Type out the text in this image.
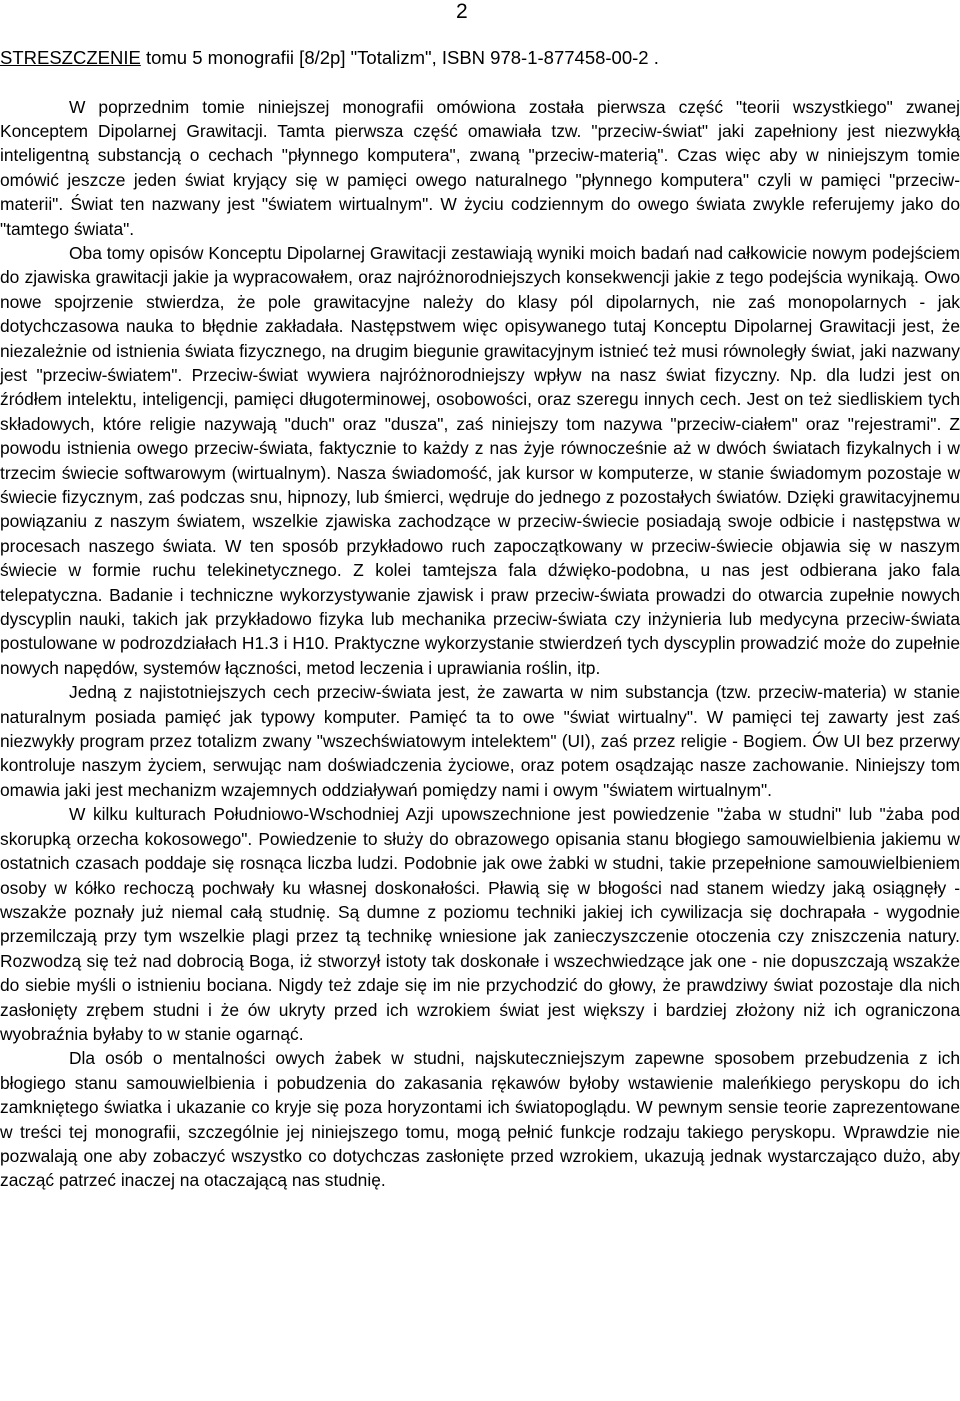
2
STRESZCZENIE tomu 5 monografii [8/2p] "Totalizm", ISBN 978-1-877458-00-2 .

W poprzednim tomie niniejszej monografii omówiona została pierwsza część "teorii wszystkiego" zwanej Konceptem Dipolarnej Grawitacji. Tamta pierwsza część omawiała tzw. "przeciw-świat" jaki zapełniony jest niezwykłą inteligentną substancją o cechach "płynnego komputera", zwaną "przeciw-materią". Czas więc aby w niniejszym tomie omówić jeszcze jeden świat kryjący się w pamięci owego naturalnego "płynnego komputera" czyli w pamięci "przeciw-materii". Świat ten nazwany jest "światem wirtualnym". W życiu codziennym do owego świata zwykle referujemy jako do "tamtego świata".

Oba tomy opisów Konceptu Dipolarnej Grawitacji zestawiają wyniki moich badań nad całkowicie nowym podejściem do zjawiska grawitacji jakie ja wypracowałem, oraz najróżnorodniejszych konsekwencji jakie z tego podejścia wynikają. Owo nowe spojrzenie stwierdza, że pole grawitacyjne należy do klasy pól dipolarnych, nie zaś monopolarnych - jak dotychczasowa nauka to błędnie zakładała. Następstwem więc opisywanego tutaj Konceptu Dipolarnej Grawitacji jest, że niezależnie od istnienia świata fizycznego, na drugim biegunie grawitacyjnym istnieć też musi równoległy świat, jaki nazwany jest "przeciw-światem". Przeciw-świat wywiera najróżnorodniejszy wpływ na nasz świat fizyczny. Np. dla ludzi jest on źródłem intelektu, inteligencji, pamięci długoterminowej, osobowości, oraz szeregu innych cech. Jest on też siedliskiem tych składowych, które religie nazywają "duch" oraz "dusza", zaś niniejszy tom nazywa "przeciw-ciałem" oraz "rejestrami". Z powodu istnienia owego przeciw-świata, faktycznie to każdy z nas żyje równocześnie aż w dwóch światach fizykalnych i w trzecim świecie softwarowym (wirtualnym). Nasza świadomość, jak kursor w komputerze, w stanie świadomym pozostaje w świecie fizycznym, zaś podczas snu, hipnozy, lub śmierci, wędruje do jednego z pozostałych światów. Dzięki grawitacyjnemu powiązaniu z naszym światem, wszelkie zjawiska zachodzące w przeciw-świecie posiadają swoje odbicie i następstwa w procesach naszego świata. W ten sposób przykładowo ruch zapoczątkowany w przeciw-świecie objawia się w naszym świecie w formie ruchu telekinetycznego. Z kolei tamtejsza fala dźwięko-podobna, u nas jest odbierana jako fala telepatyczna. Badanie i techniczne wykorzystywanie zjawisk i praw przeciw-świata prowadzi do otwarcia zupełnie nowych dyscyplin nauki, takich jak przykładowo fizyka lub mechanika przeciw-świata czy inżynieria lub medycyna przeciw-świata postulowane w podrozdziałach H1.3 i H10. Praktyczne wykorzystanie stwierdzeń tych dyscyplin prowadzić może do zupełnie nowych napędów, systemów łączności, metod leczenia i uprawiania roślin, itp.

Jedną z najistotniejszych cech przeciw-świata jest, że zawarta w nim substancja (tzw. przeciw-materia) w stanie naturalnym posiada pamięć jak typowy komputer. Pamięć ta to owe "świat wirtualny". W pamięci tej zawarty jest zaś niezwykły program przez totalizm zwany "wszechświatowym intelektem" (UI), zaś przez religie - Bogiem. Ów UI bez przerwy kontroluje naszym życiem, serwując nam doświadczenia życiowe, oraz potem osądzając nasze zachowanie. Niniejszy tom omawia jaki jest mechanizm wzajemnych oddziaływań pomiędzy nami i owym "światem wirtualnym".

W kilku kulturach Południowo-Wschodniej Azji upowszechnione jest powiedzenie "żaba w studni" lub "żaba pod skorupką orzecha kokosowego". Powiedzenie to służy do obrazowego opisania stanu błogiego samouwielbienia jakiemu w ostatnich czasach poddaje się rosnąca liczba ludzi. Podobnie jak owe żabki w studni, takie przepełnione samouwielbieniem osoby w kółko rechoczą pochwały ku własnej doskonałości. Pławią się w błogości nad stanem wiedzy jaką osiągnęły - wszakże poznały już niemal całą studnię. Są dumne z poziomu techniki jakiej ich cywilizacja się dochrapała - wygodnie przemilczają przy tym wszelkie plagi przez tą technikę wniesione jak zanieczyszczenie otoczenia czy zniszczenia natury. Rozwodzą się też nad dobrocią Boga, iż stworzył istoty tak doskonałe i wszechwiedzące jak one - nie dopuszczają wszakże do siebie myśli o istnieniu bociana. Nigdy też zdaje się im nie przychodzić do głowy, że prawdziwy świat pozostaje dla nich zasłonięty zrębem studni i że ów ukryty przed ich wzrokiem świat jest większy i bardziej złożony niż ich ograniczona wyobraźnia byłaby to w stanie ogarnąć.

Dla osób o mentalności owych żabek w studni, najskuteczniejszym zapewne sposobem przebudzenia z ich błogiego stanu samouwielbienia i pobudzenia do zakasania rękawów byłoby wstawienie maleńkiego peryskopu do ich zamkniętego światka i ukazanie co kryje się poza horyzontami ich światopoglądu. W pewnym sensie teorie zaprezentowane w treści tej monografii, szczególnie jej niniejszego tomu, mogą pełnić funkcje rodzaju takiego peryskopu. Wprawdzie nie pozwalają one aby zobaczyć wszystko co dotychczas zasłonięte przed wzrokiem, ukazują jednak wystarczająco dużo, aby zacząć patrzeć inaczej na otaczającą nas studnię.
